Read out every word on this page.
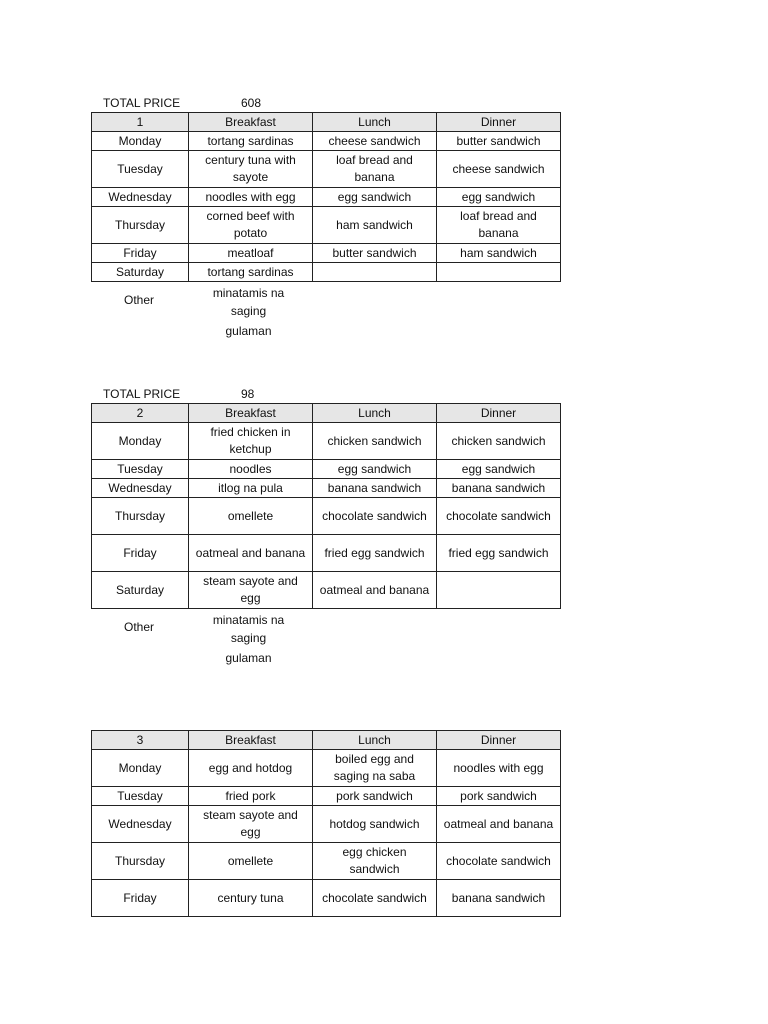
TOTAL PRICE	608
1	Breakfast	Lunch	Dinner
Monday	tortang sardinas	cheese sandwich	butter sandwich
Tuesday	century tuna with sayote	loaf bread and banana	cheese sandwich
Wednesday	noodles with egg	egg sandwich	egg sandwich
Thursday	corned beef with potato	ham sandwich	loaf bread and banana
Friday	meatloaf	butter sandwich	ham sandwich
Saturday	tortang sardinas		
Other	minatamis na
saging
gulaman
TOTAL PRICE	98
2	Breakfast	Lunch	Dinner
Monday	fried chicken in ketchup	chicken sandwich	chicken sandwich
Tuesday	noodles	egg sandwich	egg sandwich
Wednesday	itlog na pula	banana sandwich	banana sandwich
Thursday	omellete	chocolate sandwich	chocolate sandwich
Friday	oatmeal and banana	fried egg sandwich	fried egg sandwich
Saturday	steam sayote and egg	oatmeal and banana	
Other	minatamis na
saging
gulaman
3	Breakfast	Lunch	Dinner
Monday	egg and hotdog	boiled egg and saging na saba	noodles with egg
Tuesday	fried pork	pork sandwich	pork sandwich
Wednesday	steam sayote and egg	hotdog sandwich	oatmeal and banana
Thursday	omellete	egg chicken sandwich	chocolate sandwich
Friday	century tuna	chocolate sandwich	banana sandwich
